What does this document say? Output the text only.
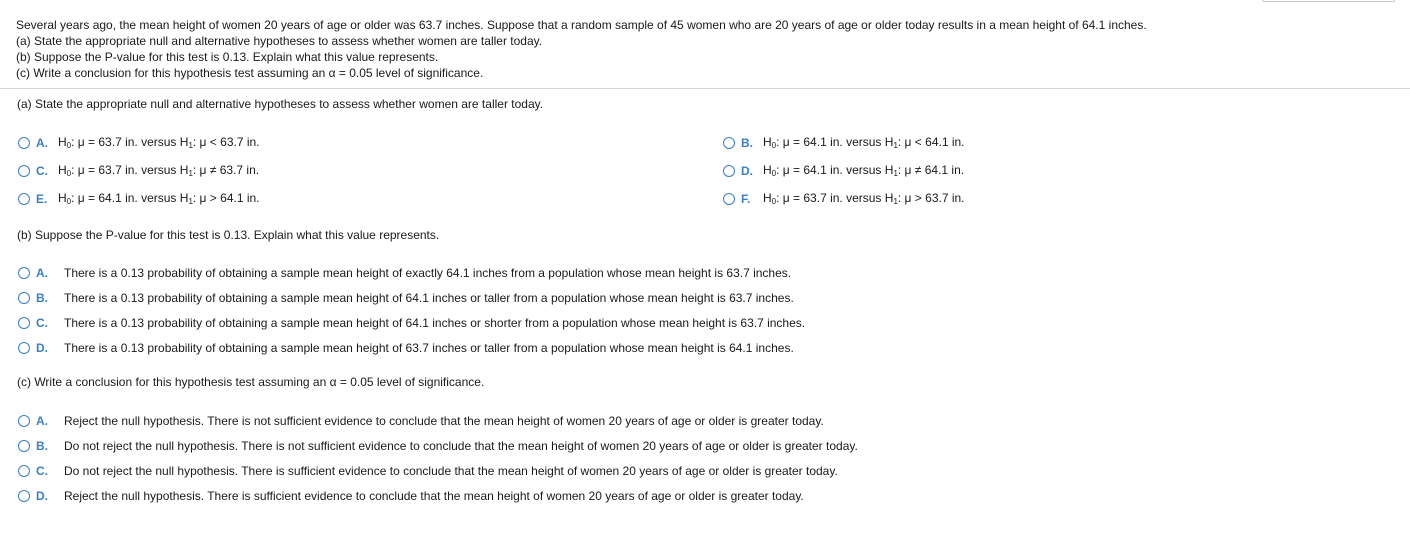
Several years ago, the mean height of women 20 years of age or older was 63.7 inches. Suppose that a random sample of 45 women who are 20 years of age or older today results in a mean height of 64.1 inches.
(a) State the appropriate null and alternative hypotheses to assess whether women are taller today.
(b) Suppose the P-value for this test is 0.13. Explain what this value represents.
(c) Write a conclusion for this hypothesis test assuming an α = 0.05 level of significance.
(a) State the appropriate null and alternative hypotheses to assess whether women are taller today.
A. $H_0$: μ = 63.7 in. versus $H_1$: μ < 63.7 in.	B. $H_0$: μ = 64.1 in. versus $H_1$: μ < 64.1 in.
C. $H_0$: μ = 63.7 in. versus $H_1$: μ ≠ 63.7 in.	D. $H_0$: μ = 64.1 in. versus $H_1$: μ ≠ 64.1 in.
E. $H_0$: μ = 64.1 in. versus $H_1$: μ > 64.1 in.	F.	$H_0$: μ = 63.7 in. versus $H_1$: μ > 63.7 in.
(b) Suppose the P-value for this test is 0.13. Explain what this value represents.
A.	There is a 0.13 probability of obtaining a sample mean height of exactly 64.1 inches from a population whose mean height is 63.7 inches.
B.	There is a 0.13 probability of obtaining a sample mean height of 64.1 inches or taller from a population whose mean height is 63.7 inches.
C.	There is a 0.13 probability of obtaining a sample mean height of 64.1 inches or shorter from a population whose mean height is 63.7 inches.
D.	There is a 0.13 probability of obtaining a sample mean height of 63.7 inches or taller from a population whose mean height is 64.1 inches.
(c) Write a conclusion for this hypothesis test assuming an α = 0.05 level of significance.
A.	Reject the null hypothesis. There is not sufficient evidence to conclude that the mean height of women 20 years of age or older is greater today.
B.	Do not reject the null hypothesis. There is not sufficient evidence to conclude that the mean height of women 20 years of age or older is greater today.
C.	Do not reject the null hypothesis. There is sufficient evidence to conclude that the mean height of women 20 years of age or older is greater today.
D.	Reject the null hypothesis. There is sufficient evidence to conclude that the mean height of women 20 years of age or older is greater today.
